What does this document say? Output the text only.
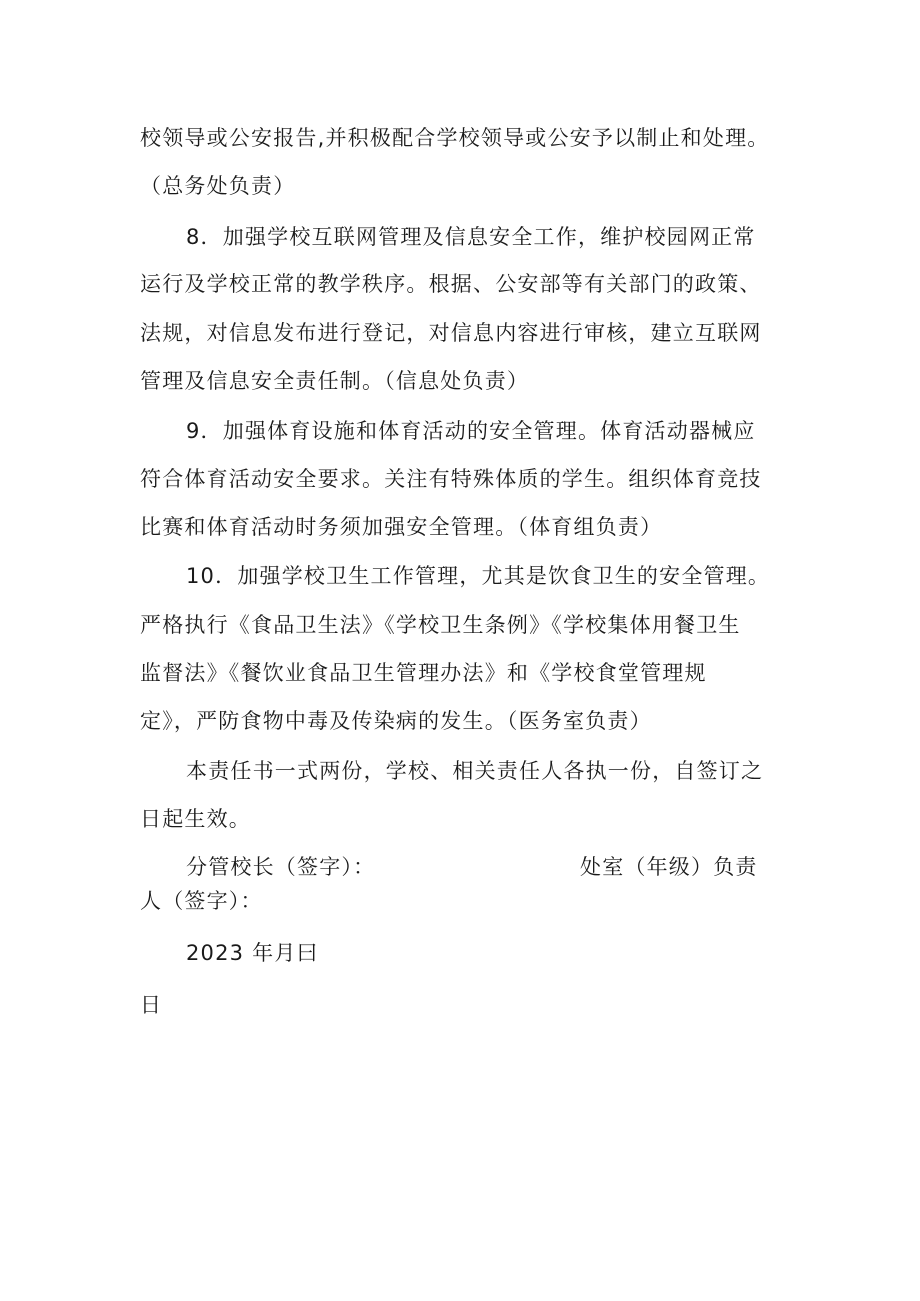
校领导或公安报告,并积极配合学校领导或公安予以制止和处理。
（总务处负责）
8．加强学校互联网管理及信息安全工作，维护校园网正常
运行及学校正常的教学秩序。根据、公安部等有关部门的政策、
法规，对信息发布进行登记，对信息内容进行审核，建立互联网
管理及信息安全责任制。（信息处负责）
9．加强体育设施和体育活动的安全管理。体育活动器械应
符合体育活动安全要求。关注有特殊体质的学生。组织体育竞技
比赛和体育活动时务须加强安全管理。（体育组负责）
10．加强学校卫生工作管理，尤其是饮食卫生的安全管理。
严格执行《食品卫生法》《学校卫生条例》《学校集体用餐卫生
监督法》《餐饮业食品卫生管理办法》和《学校食堂管理规
定》，严防食物中毒及传染病的发生。（医务室负责）
本责任书一式两份，学校、相关责任人各执一份，自签订之
日起生效。
分管校长（签字）：	处室（年级）负责
人（签字）：
2023 年月曰
日
